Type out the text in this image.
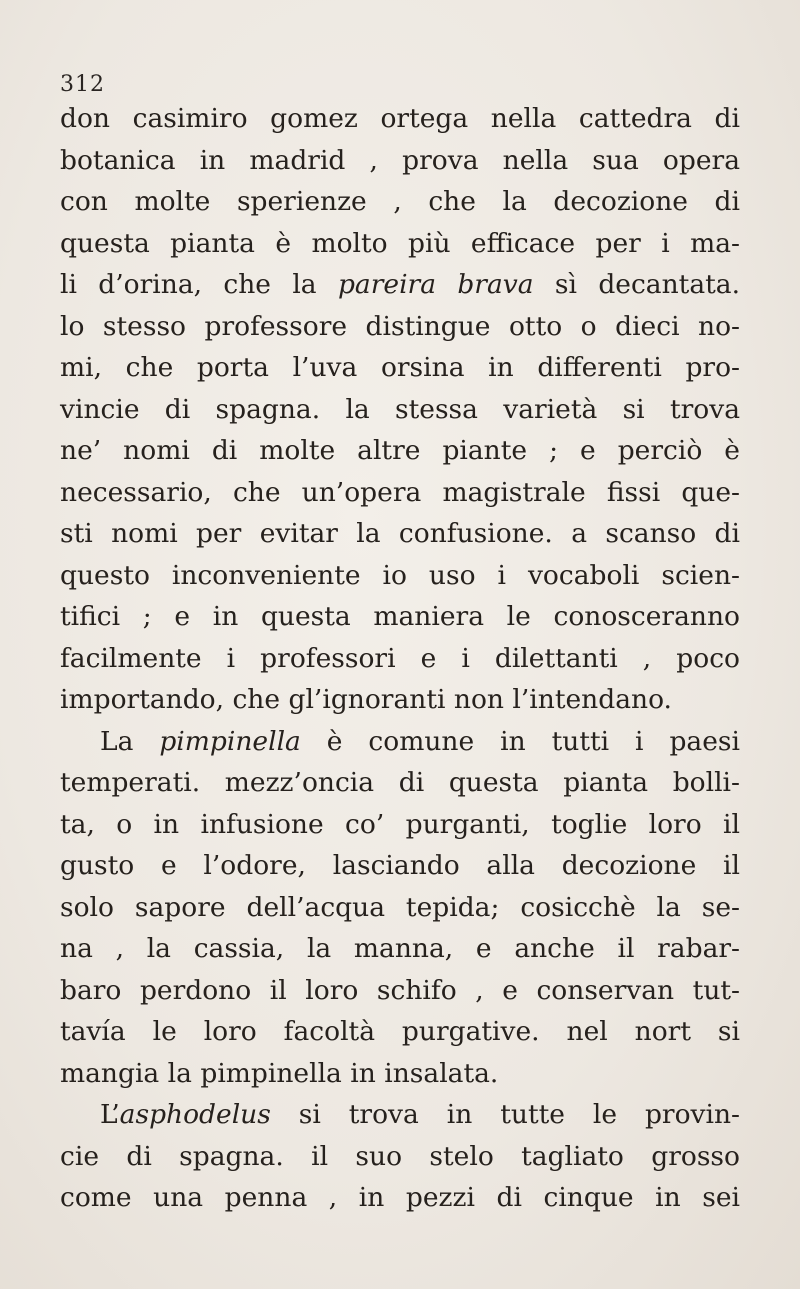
312
don casimiro gomez ortega nella cattedra di
botanica in madrid , prova nella sua opera
con molte sperienze , che la decozione di
questa pianta è molto più efficace per i ma-
li d’orina, che la pareira brava sì decantata.
lo stesso professore distingue otto o dieci no-
mi, che porta l’uva orsina in differenti pro-
vincie di spagna. la stessa varietà si trova
ne’ nomi di molte altre piante ; e perciò è
necessario, che un’opera magistrale fissi que-
sti nomi per evitar la confusione. a scanso di
questo inconveniente io uso i vocaboli scien-
tifici ; e in questa maniera le conosceranno
facilmente i professori e i dilettanti , poco
importando, che gl’ignoranti non l’intendano.
La pimpinella è comune in tutti i paesi
temperati. mezz’oncia di questa pianta bolli-
ta, o in infusione co’ purganti, toglie loro il
gusto e l’odore, lasciando alla decozione il
solo sapore dell’acqua tepida; cosicchè la se-
na , la cassia, la manna, e anche il rabar-
baro perdono il loro schifo , e conservan tut-
tavía le loro facoltà purgative. nel nort si
mangia la pimpinella in insalata.
L’asphodelus si trova in tutte le provin-
cie di spagna. il suo stelo tagliato grosso
come una penna , in pezzi di cinque in sei
